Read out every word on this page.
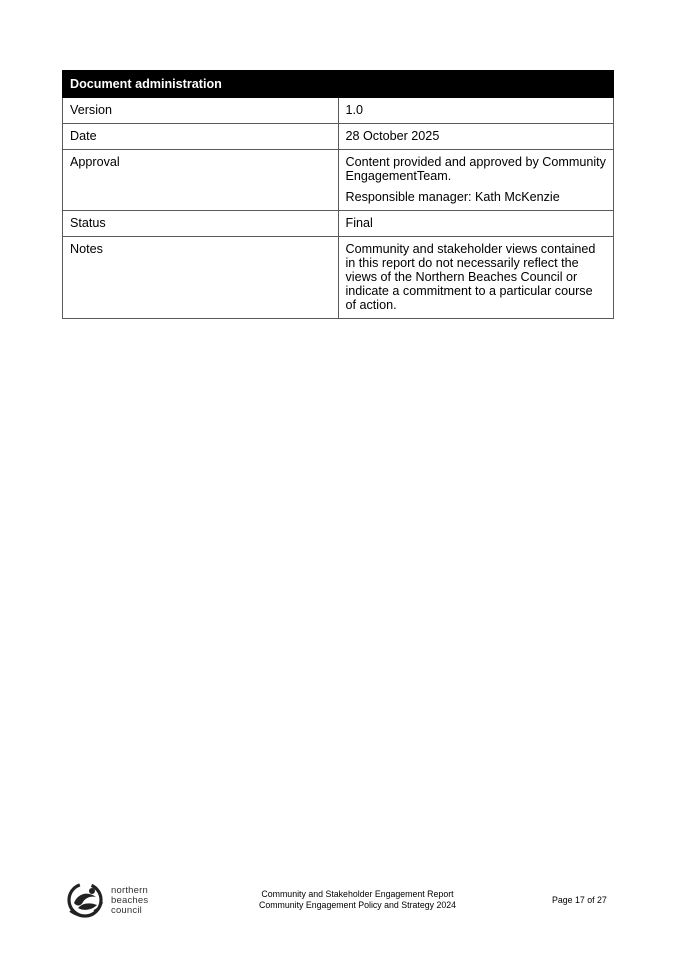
Document administration	
Version	1.0

Date	28 October 2025

Approval	Content provided and approved by Community EngagementTeam.

Responsible manager: Kath McKenzie

Status	Final

Notes	Community and stakeholder views contained in this report do not necessarily reflect the views of the Northern Beaches Council or indicate a commitment to a particular course of action.

northern
beaches
council
Community and Stakeholder Engagement Report
Community Engagement Policy and Strategy 2024	Page 17 of 27
